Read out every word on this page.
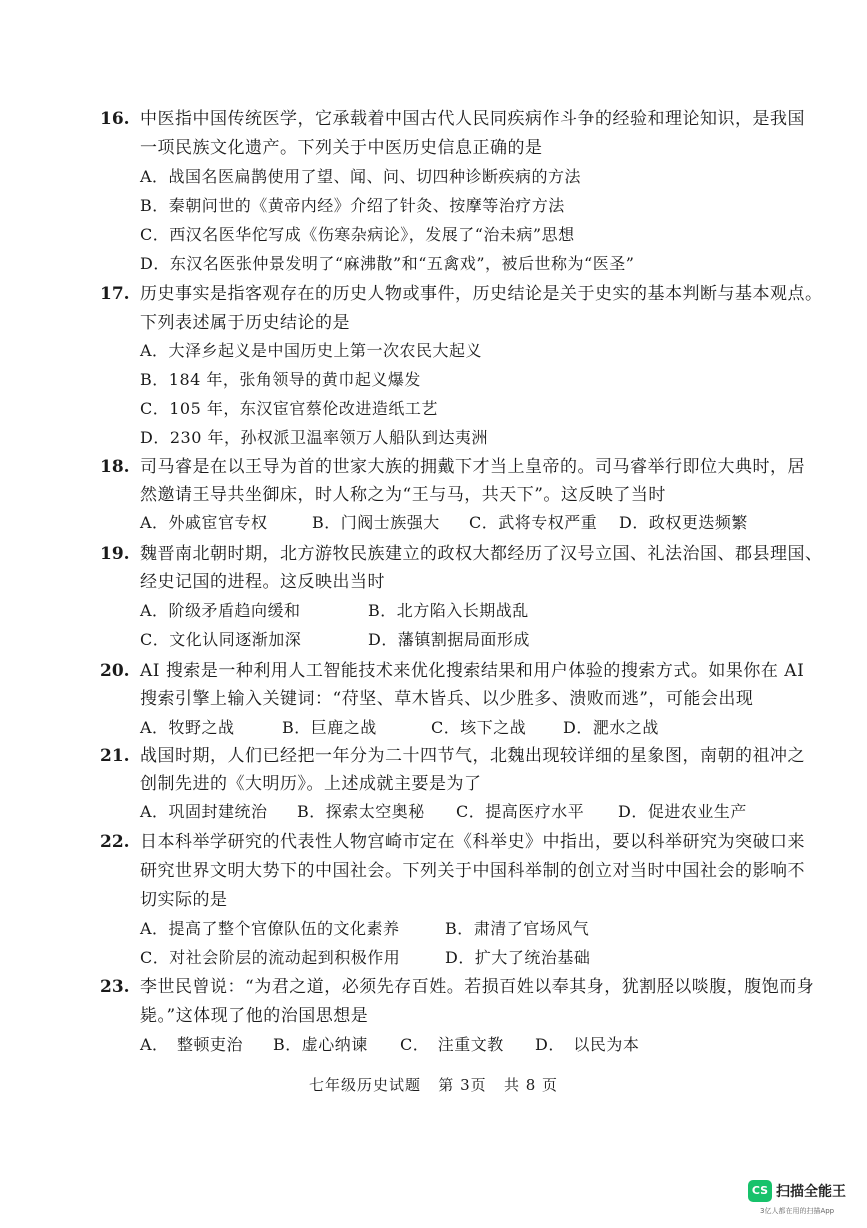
16. 中医指中国传统医学，它承载着中国古代人民同疾病作斗争的经验和理论知识，是我国
一项民族文化遗产。下列关于中医历史信息正确的是
A．战国名医扁鹊使用了望、闻、问、切四种诊断疾病的方法
B．秦朝问世的《黄帝内经》介绍了针灸、按摩等治疗方法
C．西汉名医华佗写成《伤寒杂病论》，发展了“治未病”思想
D．东汉名医张仲景发明了“麻沸散”和“五禽戏”，被后世称为“医圣”
17. 历史事实是指客观存在的历史人物或事件，历史结论是关于史实的基本判断与基本观点。
下列表述属于历史结论的是
A．大泽乡起义是中国历史上第一次农民大起义
B．184 年，张角领导的黄巾起义爆发
C．105 年，东汉宦官蔡伦改进造纸工艺
D．230 年，孙权派卫温率领万人船队到达夷洲
18. 司马睿是在以王导为首的世家大族的拥戴下才当上皇帝的。司马睿举行即位大典时，居
然邀请王导共坐御床，时人称之为“王与马，共天下”。这反映了当时
A．外戚宦官专权	B．门阀士族强大 C．武将专权严重 D．政权更迭频繁
19. 魏晋南北朝时期，北方游牧民族建立的政权大都经历了汉号立国、礼法治国、郡县理国、
经史记国的进程。这反映出当时
A．阶级矛盾趋向缓和	B．北方陷入长期战乱
C．文化认同逐渐加深	D．藩镇割据局面形成
20. AI 搜索是一种利用人工智能技术来优化搜索结果和用户体验的搜索方式。如果你在 AI
搜索引擎上输入关键词：“苻坚、草木皆兵、以少胜多、溃败而逃”，可能会出现
A．牧野之战	B．巨鹿之战	C．垓下之战 D．淝水之战
21. 战国时期，人们已经把一年分为二十四节气，北魏出现较详细的星象图，南朝的祖冲之
创制先进的《大明历》。上述成就主要是为了
A．巩固封建统治 B．探索太空奥秘 C．提高医疗水平 D．促进农业生产
22. 日本科举学研究的代表性人物宫崎市定在《科举史》中指出，要以科举研究为突破口来
研究世界文明大势下的中国社会。下列关于中国科举制的创立对当时中国社会的影响不
切实际的是
A．提高了整个官僚队伍的文化素养	B．肃清了官场风气
C．对社会阶层的流动起到积极作用	D．扩大了统治基础
23. 李世民曾说：“为君之道，必须先存百姓。若损百姓以奉其身，犹割胫以啖腹，腹饱而身
毙。”这体现了他的治国思想是
A．　整顿吏治 B．虚心纳谏 C．　注重文教 D．　以民为本
七年级历史试题 第 3页 共 8 页
CS 扫描全能王
3亿人都在用的扫描App
